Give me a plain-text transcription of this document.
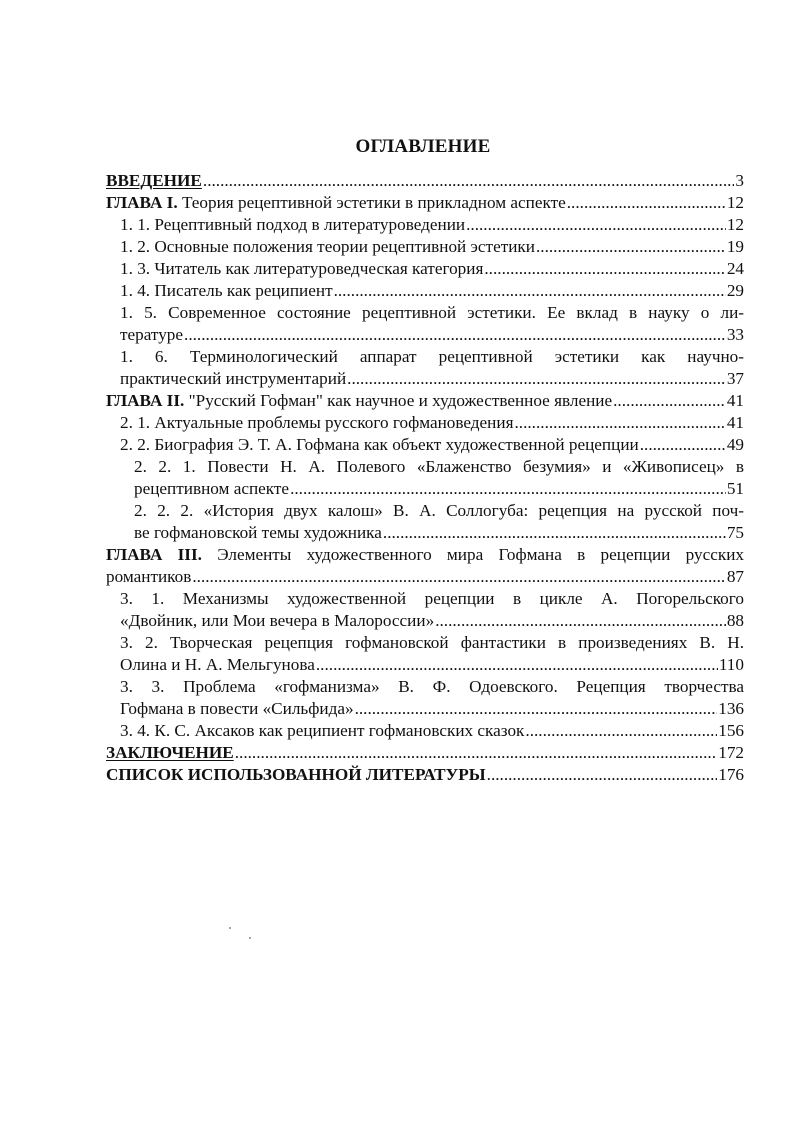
ОГЛАВЛЕНИЕ
ВВЕДЕНИЕ .....	3
ГЛАВА I. Теория рецептивной эстетики в прикладном аспекте .....	12
1. 1. Рецептивный подход в литературоведении .....	12
1. 2. Основные положения теории рецептивной эстетики .....	19
1. 3. Читатель как литературоведческая категория .....	24
1. 4. Писатель как реципиент .....	29
1. 5. Современное состояние рецептивной эстетики. Ее вклад в науку о ли-
тературе .....	33
1. 6. Терминологический аппарат рецептивной эстетики как научно-
практический инструментарий .....	37
ГЛАВА II. "Русский Гофман" как научное и художественное явление .....	41
2. 1. Актуальные проблемы русского гофмановедения .....	41
2. 2. Биография Э. Т. А. Гофмана как объект художественной рецепции .....	49
2. 2. 1. Повести Н. А. Полевого «Блаженство безумия» и «Живописец» в
рецептивном аспекте .....	51
2. 2. 2. «История двух калош» В. А. Соллогуба: рецепция на русской поч-
ве гофмановской темы художника .....	75
ГЛАВА III. Элементы художественного мира Гофмана в рецепции русских
романтиков .....	87
3. 1. Механизмы художественной рецепции в цикле А. Погорельского
«Двойник, или Мои вечера в Малороссии» .....	88
3. 2. Творческая рецепция гофмановской фантастики в произведениях В. Н.
Олина и Н. А. Мельгунова .....	110
3. 3. Проблема «гофманизма» В. Ф. Одоевского. Рецепция творчества
Гофмана в повести «Сильфида» .....	136
3. 4. К. С. Аксаков как реципиент гофмановских сказок .....	156
ЗАКЛЮЧЕНИЕ .....	172
СПИСОК ИСПОЛЬЗОВАННОЙ ЛИТЕРАТУРЫ .....	176
